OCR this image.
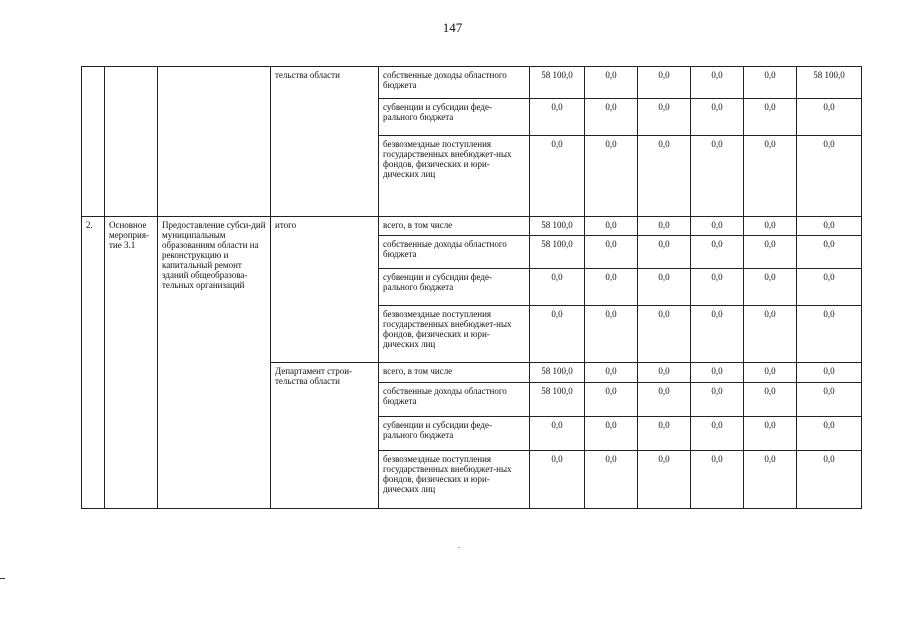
147
			тельства области	собственные доходы областного бюджета	58 100,0	0,0	0,0	0,0	0,0	58 100,0
				субвенции и субсидии феде-рального бюджета	0,0	0,0	0,0	0,0	0,0	0,0
				безвозмездные поступления государственных внебюджет-ных фондов, физических и юри-дических лиц	0,0	0,0	0,0	0,0	0,0	0,0
2.	Основное мероприя-тие 3.1	Предоставление субси-дий муниципальным образованиям области на реконструкцию и капитальный ремонт зданий общеобразова-тельных организаций	итого	всего, в том числе	58 100,0	0,0	0,0	0,0	0,0	0,0
				собственные доходы областного бюджета	58 100,0	0,0	0,0	0,0	0,0	0,0
				субвенции и субсидии феде-рального бюджета	0,0	0,0	0,0	0,0	0,0	0,0
				безвозмездные поступления государственных внебюджет-ных фондов, физических и юри-дических лиц	0,0	0,0	0,0	0,0	0,0	0,0
			Департамент строи-тельства области	всего, в том числе	58 100,0	0,0	0,0	0,0	0,0	0,0
				собственные доходы областного бюджета	58 100,0	0,0	0,0	0,0	0,0	0,0
				субвенции и субсидии феде-рального бюджета	0,0	0,0	0,0	0,0	0,0	0,0
				безвозмездные поступления государственных внебюджет-ных фондов, физических и юри-дических лиц	0,0	0,0	0,0	0,0	0,0	0,0
